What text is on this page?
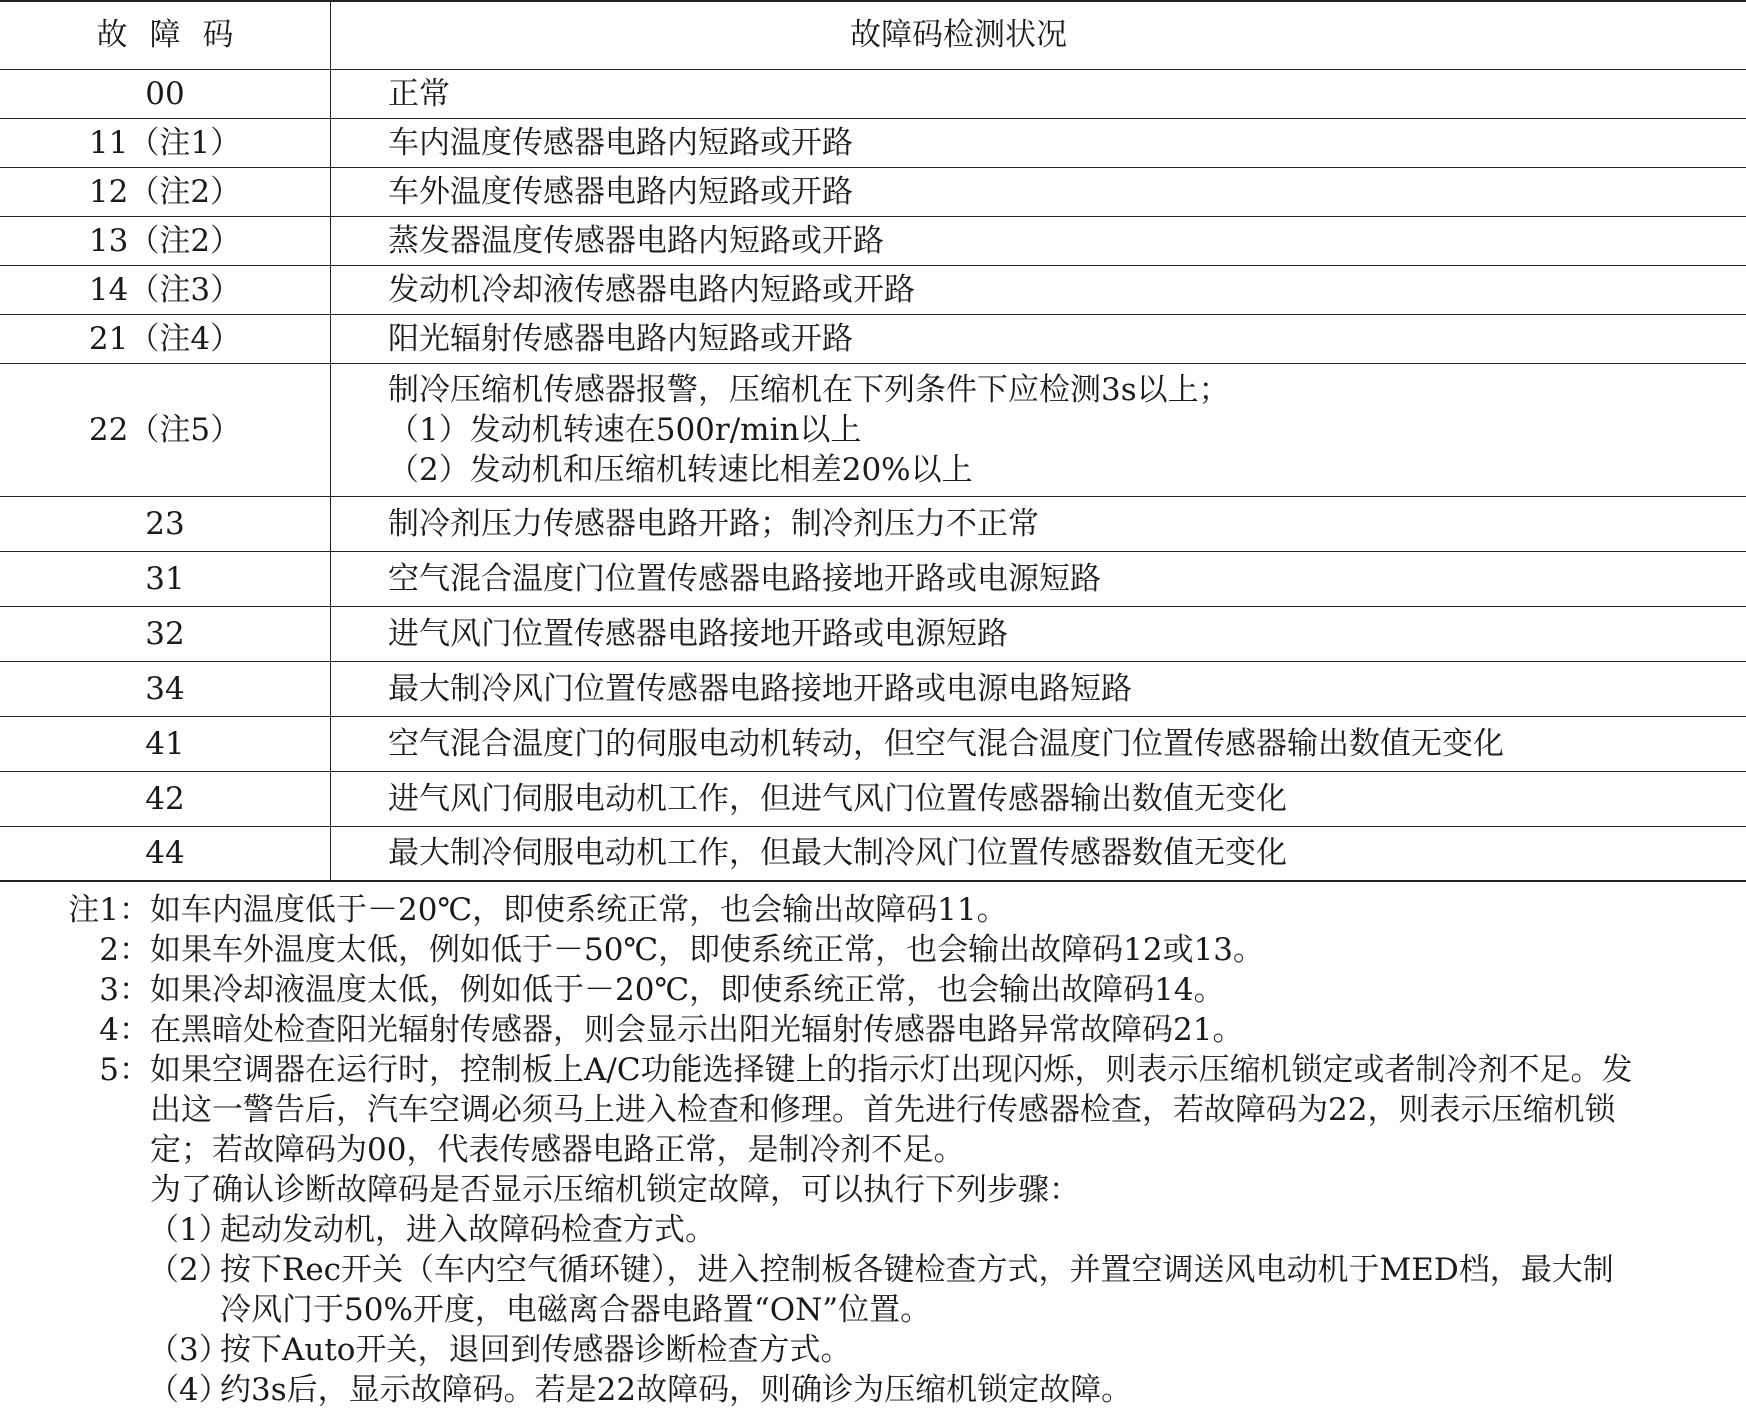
故障码	故障码检测状况
00	正常
11（注1）	车内温度传感器电路内短路或开路
12（注2）	车外温度传感器电路内短路或开路
13（注2）	蒸发器温度传感器电路内短路或开路
14（注3）	发动机冷却液传感器电路内短路或开路
21（注4）	阳光辐射传感器电路内短路或开路
22（注5）	制冷压缩机传感器报警，压缩机在下列条件下应检测3s以上；
（1）发动机转速在500r/min以上
（2）发动机和压缩机转速比相差20%以上

23	制冷剂压力传感器电路开路；制冷剂压力不正常
31	空气混合温度门位置传感器电路接地开路或电源短路
32	进气风门位置传感器电路接地开路或电源短路
34	最大制冷风门位置传感器电路接地开路或电源电路短路
41	空气混合温度门的伺服电动机转动，但空气混合温度门位置传感器输出数值无变化
42	进气风门伺服电动机工作，但进气风门位置传感器输出数值无变化
44	最大制冷伺服电动机工作，但最大制冷风门位置传感器数值无变化
注1： 如车内温度低于－20℃，即使系统正常，也会输出故障码11。
2： 如果车外温度太低，例如低于－50℃，即使系统正常，也会输出故障码12或13。
3： 如果冷却液温度太低，例如低于－20℃，即使系统正常，也会输出故障码14。
4： 在黑暗处检查阳光辐射传感器，则会显示出阳光辐射传感器电路异常故障码21。
5： 如果空调器在运行时，控制板上A/C功能选择键上的指示灯出现闪烁，则表示压缩机锁定或者制冷剂不足。发
出这一警告后，汽车空调必须马上进入检查和修理。首先进行传感器检查，若故障码为22，则表示压缩机锁
定；若故障码为00，代表传感器电路正常，是制冷剂不足。
为了确认诊断故障码是否显示压缩机锁定故障，可以执行下列步骤：
（1）
起动发动机，进入故障码检查方式。
（2）
按下Rec开关（车内空气循环键），进入控制板各键检查方式，并置空调送风电动机于MED档，最大制
冷风门于50%开度，电磁离合器电路置“ON”位置。
（3）
按下Auto开关，退回到传感器诊断检查方式。
（4）
约3s后，显示故障码。若是22故障码，则确诊为压缩机锁定故障。
